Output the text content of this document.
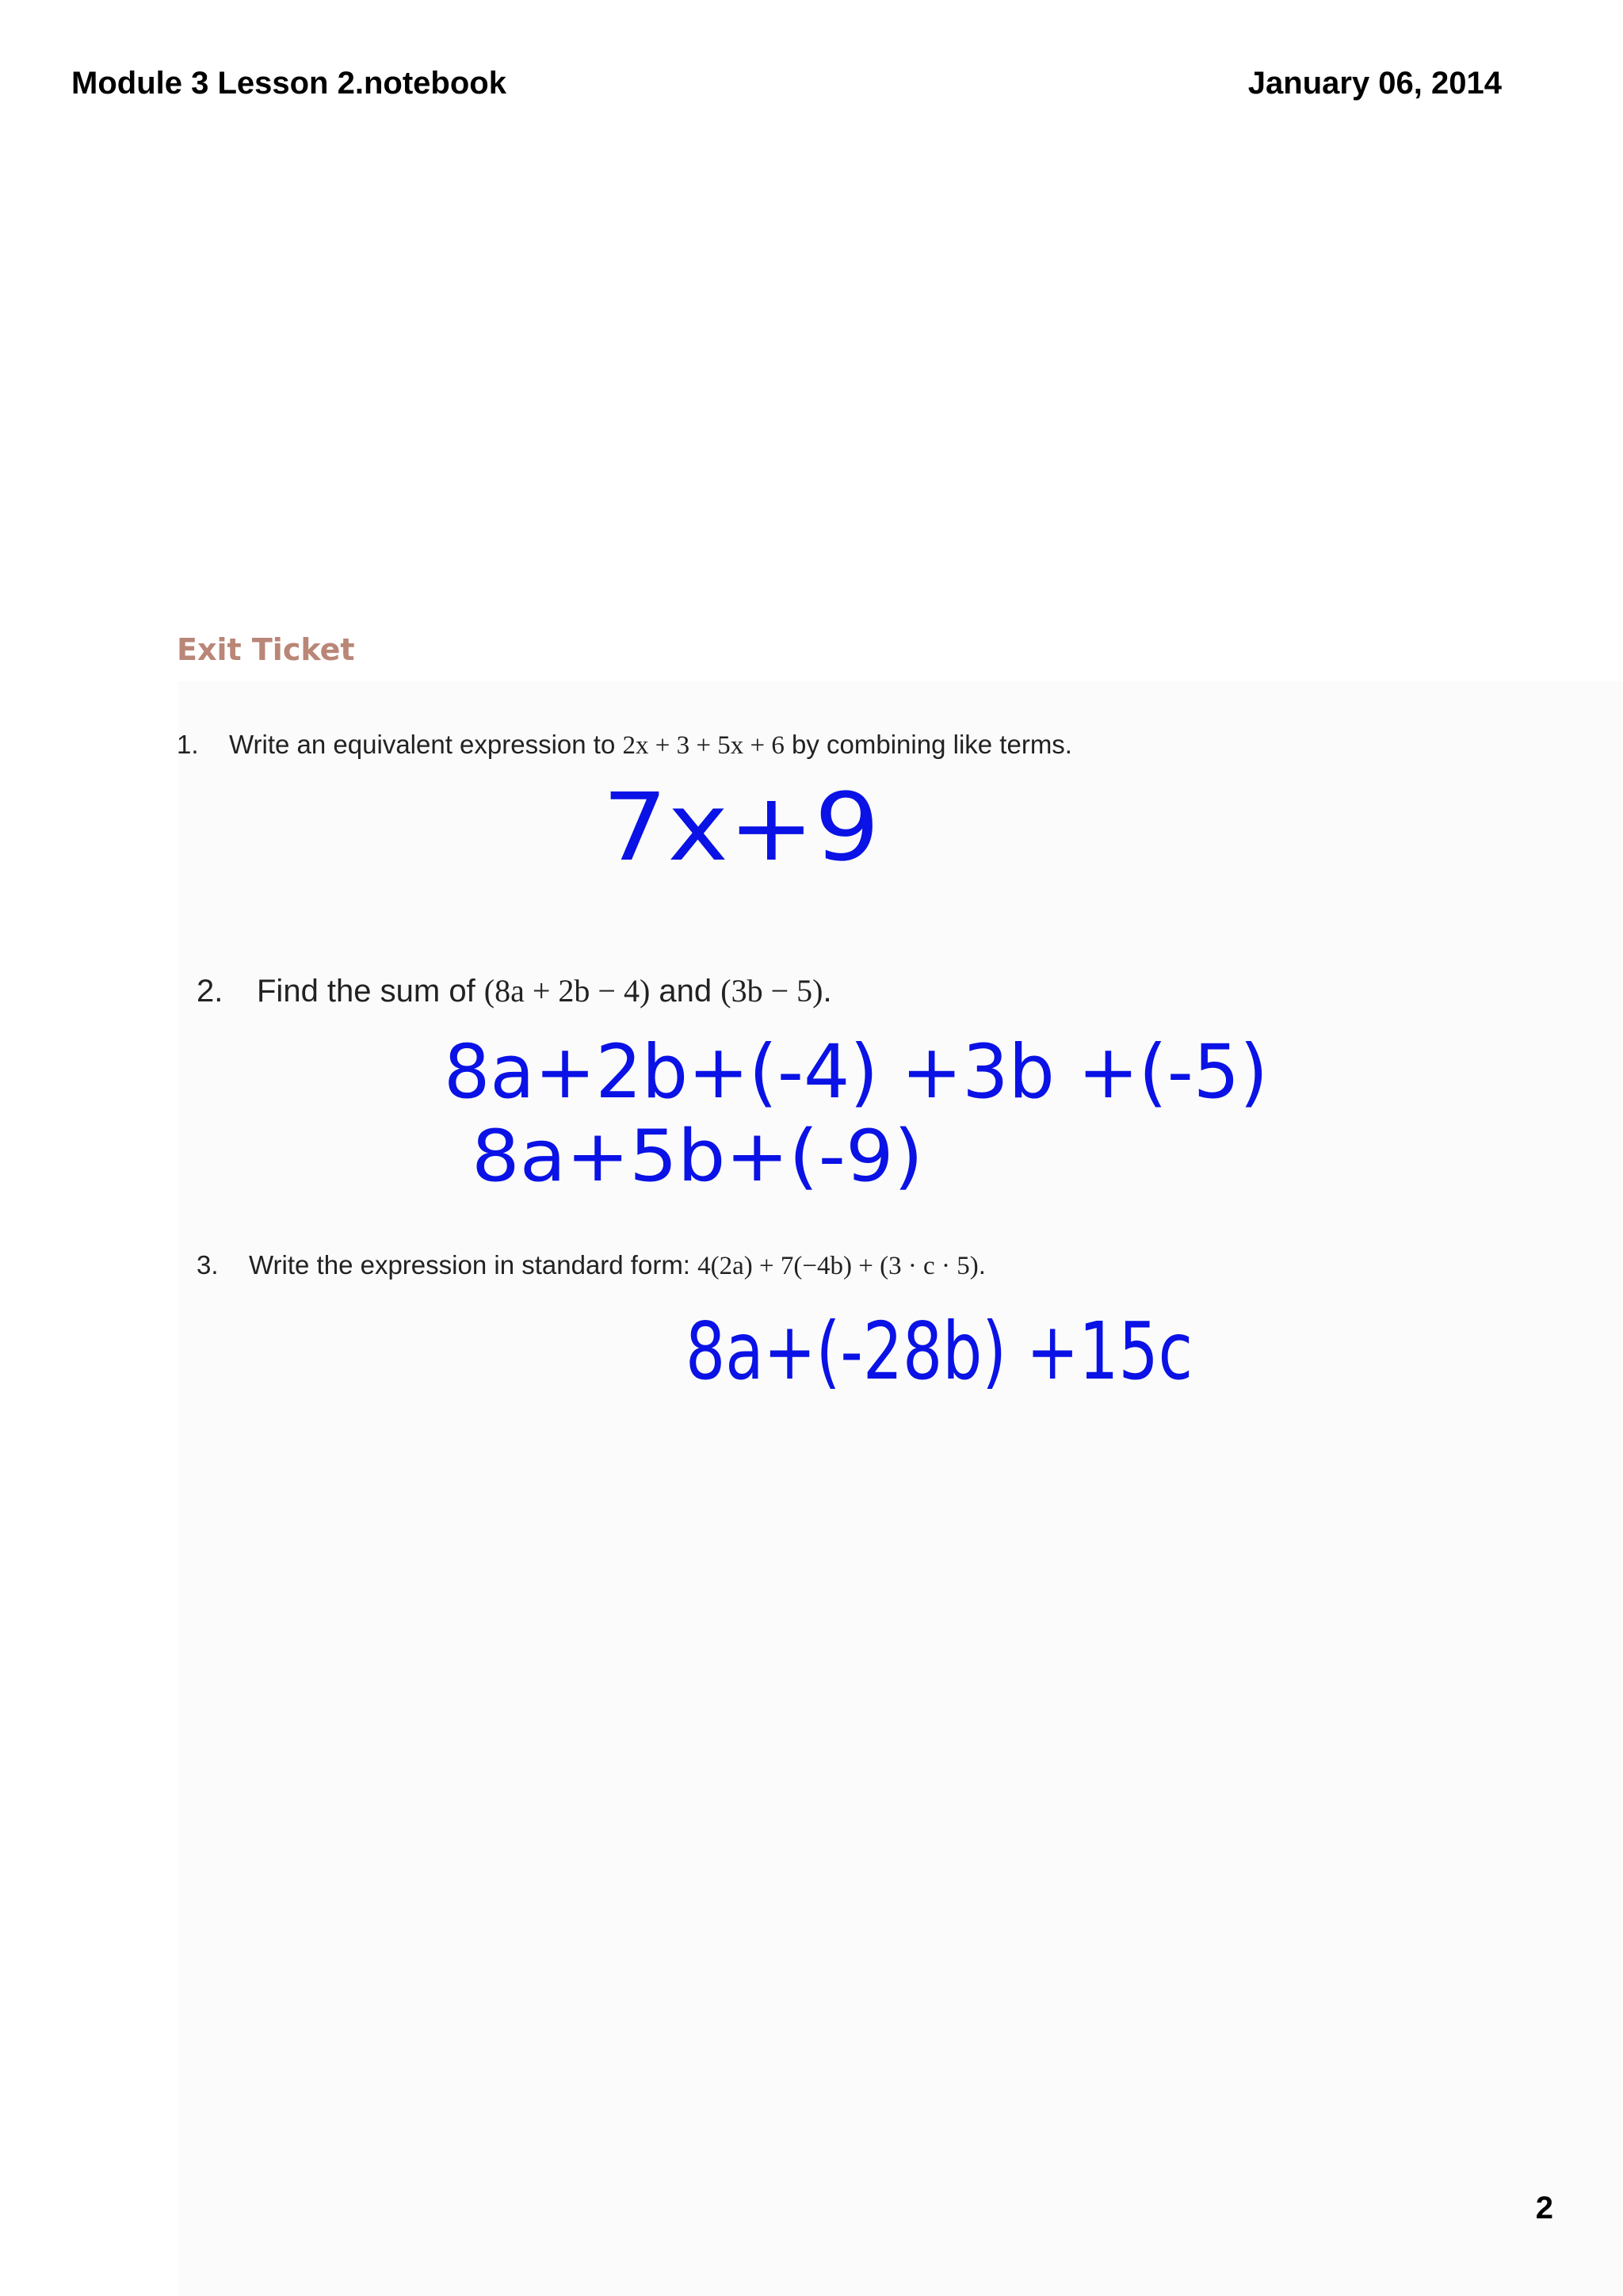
Module 3 Lesson 2.notebook	January 06, 2014
Exit Ticket
1. Write an equivalent expression to 2x + 3 + 5x + 6 by combining like terms.
2. Find the sum of (8a + 2b − 4) and (3b − 5).
3. Write the expression in standard form: 4(2a) + 7(−4b) + (3 · c · 5).
7x+9
8a+2b+(-4) +3b +(-5)
8a+5b+(-9)
8a+(-28b) +15c
2
